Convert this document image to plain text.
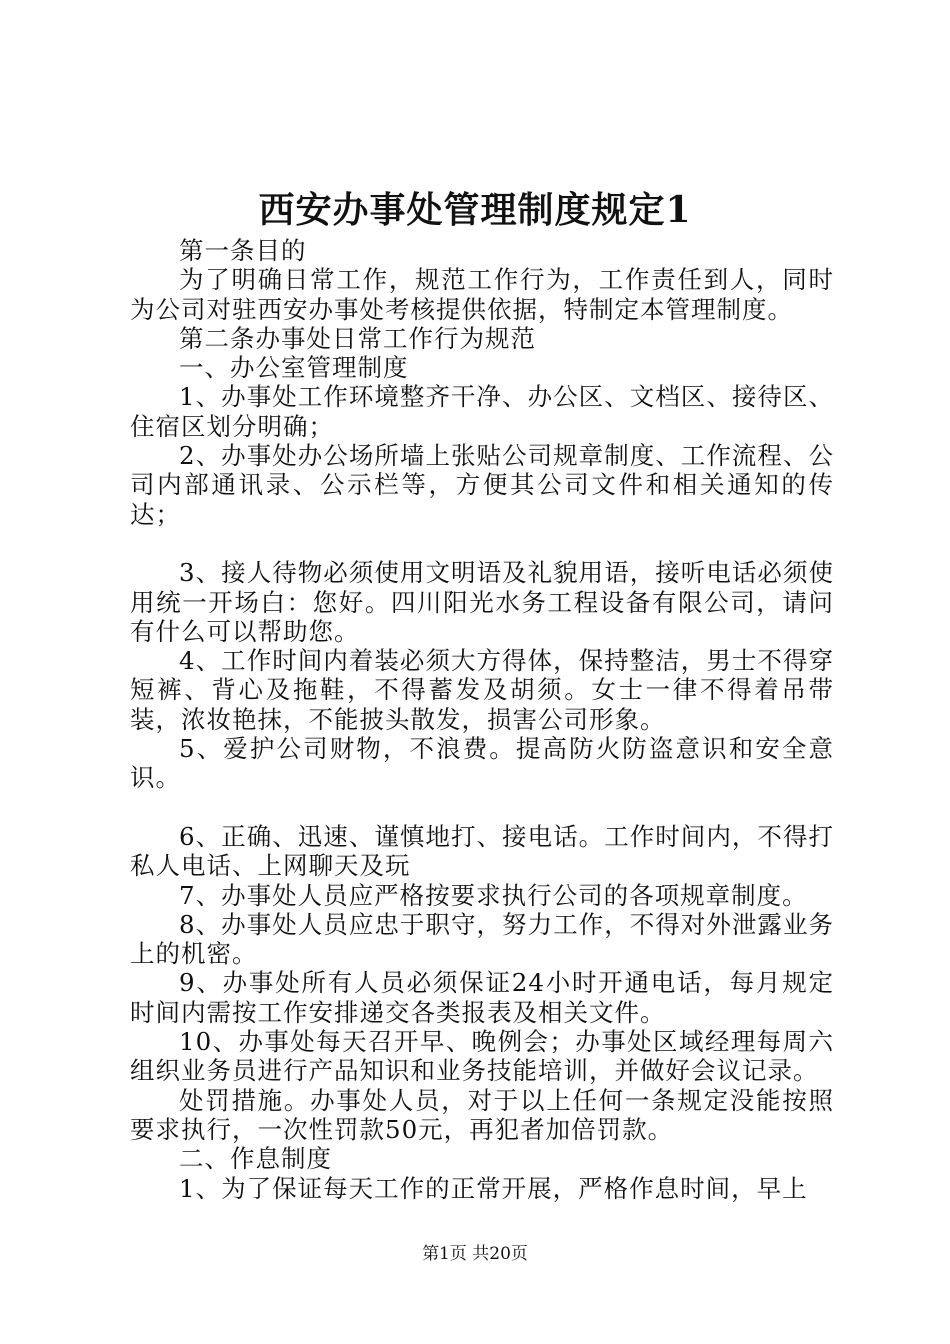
西安办事处管理制度规定1

第一条目的

为了明确日常工作，规范工作行为，工作责任到人，同时为公司对驻西安办事处考核提供依据，特制定本管理制度。

第二条办事处日常工作行为规范

一、办公室管理制度

1、办事处工作环境整齐干净、办公区、文档区、接待区、住宿区划分明确；

2、办事处办公场所墙上张贴公司规章制度、工作流程、公司内部通讯录、公示栏等，方便其公司文件和相关通知的传达；

3、接人待物必须使用文明语及礼貌用语，接听电话必须使用统一开场白：您好。四川阳光水务工程设备有限公司，请问有什么可以帮助您。

4、工作时间内着装必须大方得体，保持整洁，男士不得穿短裤、背心及拖鞋，不得蓄发及胡须。女士一律不得着吊带装，浓妆艳抹，不能披头散发，损害公司形象。

5、爱护公司财物，不浪费。提高防火防盗意识和安全意识。

6、正确、迅速、谨慎地打、接电话。工作时间内，不得打私人电话、上网聊天及玩

7、办事处人员应严格按要求执行公司的各项规章制度。

8、办事处人员应忠于职守，努力工作，不得对外泄露业务上的机密。

9、办事处所有人员必须保证24小时开通电话，每月规定时间内需按工作安排递交各类报表及相关文件。

10、办事处每天召开早、晚例会；办事处区域经理每周六组织业务员进行产品知识和业务技能培训，并做好会议记录。

处罚措施。办事处人员，对于以上任何一条规定没能按照要求执行，一次性罚款50元，再犯者加倍罚款。

二、作息制度

1、为了保证每天工作的正常开展，严格作息时间，早上

第1页 共20页
